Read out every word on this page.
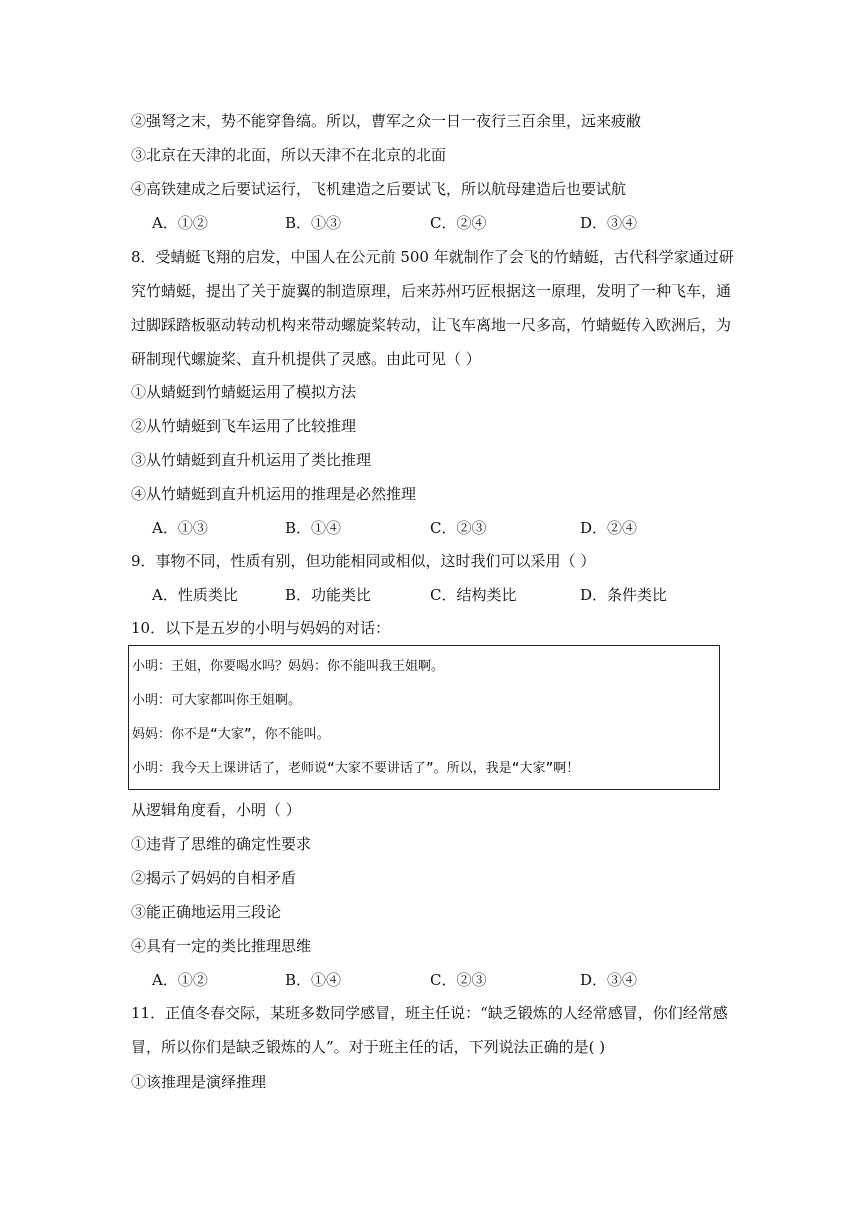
②强弩之末，势不能穿鲁缟。所以，曹军之众一日一夜行三百余里，远来疲敝
③北京在天津的北面，所以天津不在北京的北面
④高铁建成之后要试运行，飞机建造之后要试飞，所以航母建造后也要试航
A．①②	B．①③	C．②④	D．③④
8．受蜻蜓飞翔的启发，中国人在公元前 500 年就制作了会飞的竹蜻蜓，古代科学家通过研
究竹蜻蜓，提出了关于旋翼的制造原理，后来苏州巧匠根据这一原理，发明了一种飞车，通
过脚踩踏板驱动转动机构来带动螺旋桨转动，让飞车离地一尺多高，竹蜻蜓传入欧洲后，为
研制现代螺旋桨、直升机提供了灵感。由此可见（ ）
①从蜻蜓到竹蜻蜓运用了模拟方法
②从竹蜻蜓到飞车运用了比较推理
③从竹蜻蜓到直升机运用了类比推理
④从竹蜻蜓到直升机运用的推理是必然推理
A．①③	B．①④	C．②③	D．②④
9．事物不同，性质有别，但功能相同或相似，这时我们可以采用（ ）
A．性质类比	B．功能类比	C．结构类比	D．条件类比
10．以下是五岁的小明与妈妈的对话：
小明：王姐，你要喝水吗？妈妈：你不能叫我王姐啊。
小明：可大家都叫你王姐啊。
妈妈：你不是“大家”，你不能叫。
小明：我今天上课讲话了，老师说“大家不要讲话了”。所以，我是“大家”啊！
从逻辑角度看，小明（ ）
①违背了思维的确定性要求
②揭示了妈妈的自相矛盾
③能正确地运用三段论
④具有一定的类比推理思维
A．①②	B．①④	C．②③	D．③④
11．正值冬春交际，某班多数同学感冒，班主任说：“缺乏锻炼的人经常感冒，你们经常感
冒，所以你们是缺乏锻炼的人”。对于班主任的话，下列说法正确的是( )
①该推理是演绎推理
